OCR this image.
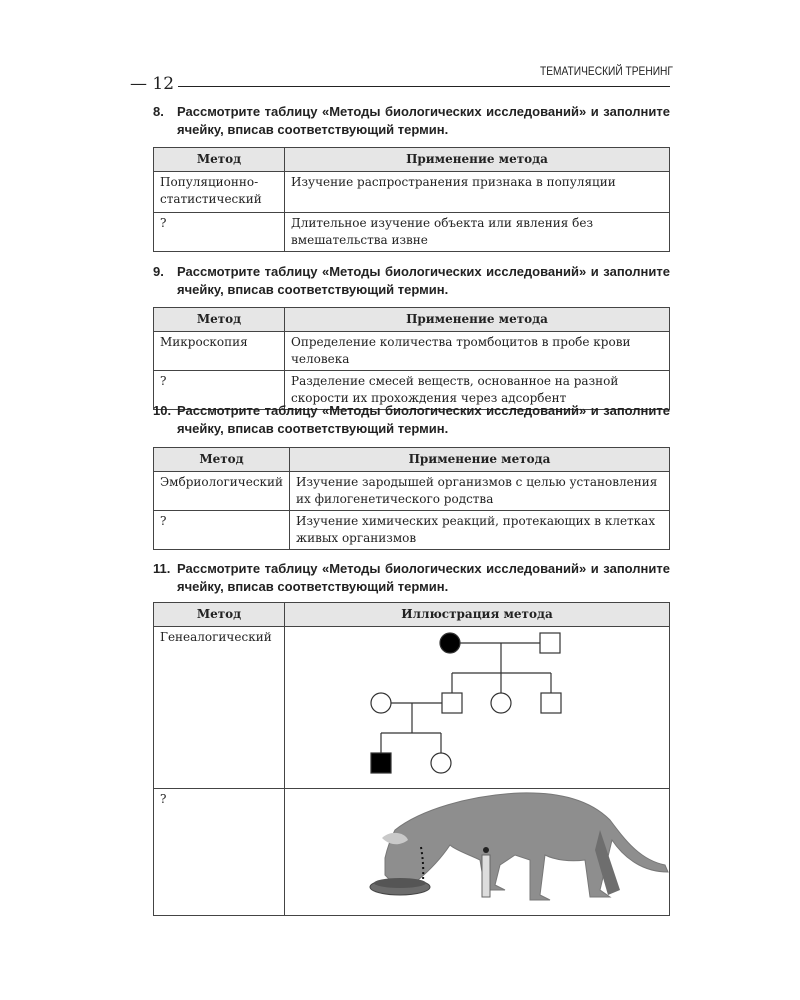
ТЕМАТИЧЕСКИЙ ТРЕНИНГ
— 12
8. Рассмотрите таблицу «Методы биологических исследований» и заполните ячейку, вписав соответствующий термин.
Метод	Применение метода
Популяционно-статистический	Изучение распространения признака в популяции
?	Длительное изучение объекта или явления без вмешательства извне
9. Рассмотрите таблицу «Методы биологических исследований» и заполните ячейку, вписав соответствующий термин.
Метод	Применение метода
Микроскопия	Определение количества тромбоцитов в пробе крови человека
?	Разделение смесей веществ, основанное на разной скорости их прохождения через адсорбент
10. Рассмотрите таблицу «Методы биологических исследований» и заполните ячейку, вписав соответствующий термин.
Метод	Применение метода
Эмбриологический	Изучение зародышей организмов с целью установления их филогенетического родства
?	Изучение химических реакций, протекающих в клетках живых организмов
11. Рассмотрите таблицу «Методы биологических исследований» и заполните ячейку, вписав соответствующий термин.
Метод	Иллюстрация метода
Генеалогический	
?	
